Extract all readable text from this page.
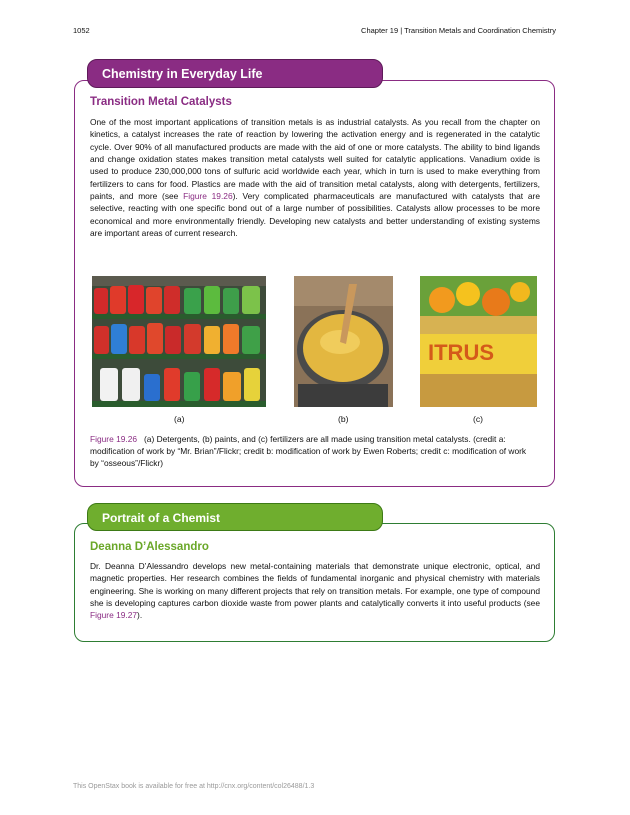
1052	Chapter 19 | Transition Metals and Coordination Chemistry
Chemistry in Everyday Life
Transition Metal Catalysts

One of the most important applications of transition metals is as industrial catalysts. As you recall from the chapter on kinetics, a catalyst increases the rate of reaction by lowering the activation energy and is regenerated in the catalytic cycle. Over 90% of all manufactured products are made with the aid of one or more catalysts. The ability to bind ligands and change oxidation states makes transition metal catalysts well suited for catalytic applications. Vanadium oxide is used to produce 230,000,000 tons of sulfuric acid worldwide each year, which in turn is used to make everything from fertilizers to cans for food. Plastics are made with the aid of transition metal catalysts, along with detergents, fertilizers, paints, and more (see Figure 19.26). Very complicated pharmaceuticals are manufactured with catalysts that are selective, reacting with one specific bond out of a large number of possibilities. Catalysts allow processes to be more economical and more environmentally friendly. Developing new catalysts and better understanding of existing systems are important areas of current research.

ITRUS
(a)	(b)	(c)

Figure 19.26 (a) Detergents, (b) paints, and (c) fertilizers are all made using transition metal catalysts. (credit a: modification of work by “Mr. Brian”/Flickr; credit b: modification of work by Ewen Roberts; credit c: modification of work by “osseous”/Flickr)

Portrait of a Chemist
Deanna D’Alessandro

Dr. Deanna D’Alessandro develops new metal-containing materials that demonstrate unique electronic, optical, and magnetic properties. Her research combines the fields of fundamental inorganic and physical chemistry with materials engineering. She is working on many different projects that rely on transition metals. For example, one type of compound she is developing captures carbon dioxide waste from power plants and catalytically converts it into useful products (see Figure 19.27).

This OpenStax book is available for free at http://cnx.org/content/col26488/1.3
